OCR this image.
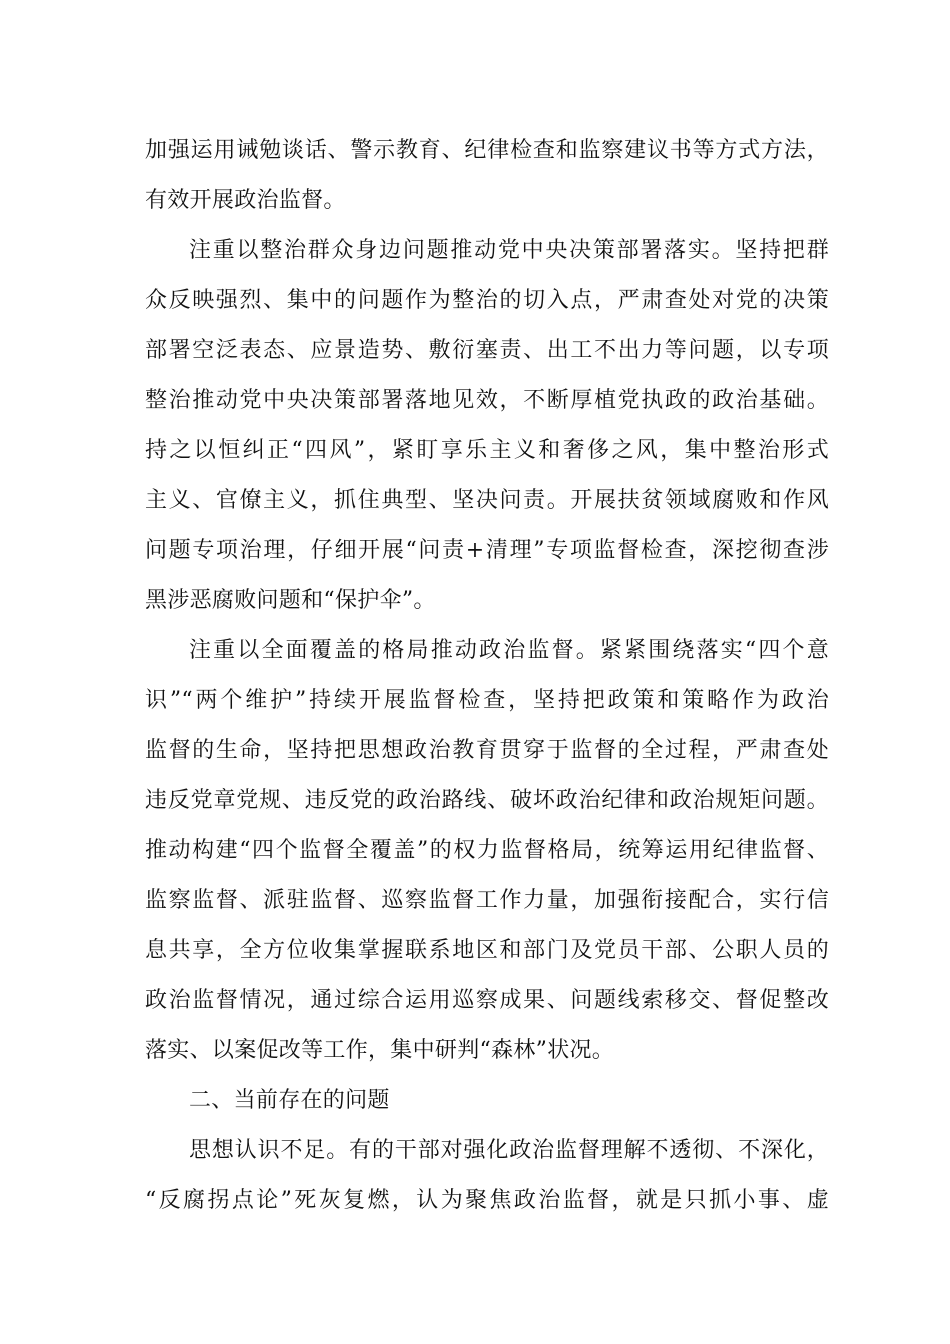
加强运用诫勉谈话、警示教育、纪律检查和监察建议书等方式方法，
有效开展政治监督。
注重以整治群众身边问题推动党中央决策部署落实。坚持把群
众反映强烈、集中的问题作为整治的切入点，严肃查处对党的决策
部署空泛表态、应景造势、敷衍塞责、出工不出力等问题，以专项
整治推动党中央决策部署落地见效，不断厚植党执政的政治基础。
持之以恒纠正“四风”，紧盯享乐主义和奢侈之风，集中整治形式
主义、官僚主义，抓住典型、坚决问责。开展扶贫领域腐败和作风
问题专项治理，仔细开展“问责+清理”专项监督检查，深挖彻查涉
黑涉恶腐败问题和“保护伞”。
注重以全面覆盖的格局推动政治监督。紧紧围绕落实“四个意
识”“两个维护”持续开展监督检查，坚持把政策和策略作为政治
监督的生命，坚持把思想政治教育贯穿于监督的全过程，严肃查处
违反党章党规、违反党的政治路线、破坏政治纪律和政治规矩问题。
推动构建“四个监督全覆盖”的权力监督格局，统筹运用纪律监督、
监察监督、派驻监督、巡察监督工作力量，加强衔接配合，实行信
息共享，全方位收集掌握联系地区和部门及党员干部、公职人员的
政治监督情况，通过综合运用巡察成果、问题线索移交、督促整改
落实、以案促改等工作，集中研判“森林”状况。
二、当前存在的问题
思想认识不足。有的干部对强化政治监督理解不透彻、不深化，
“反腐拐点论”死灰复燃，认为聚焦政治监督，就是只抓小事、虚
